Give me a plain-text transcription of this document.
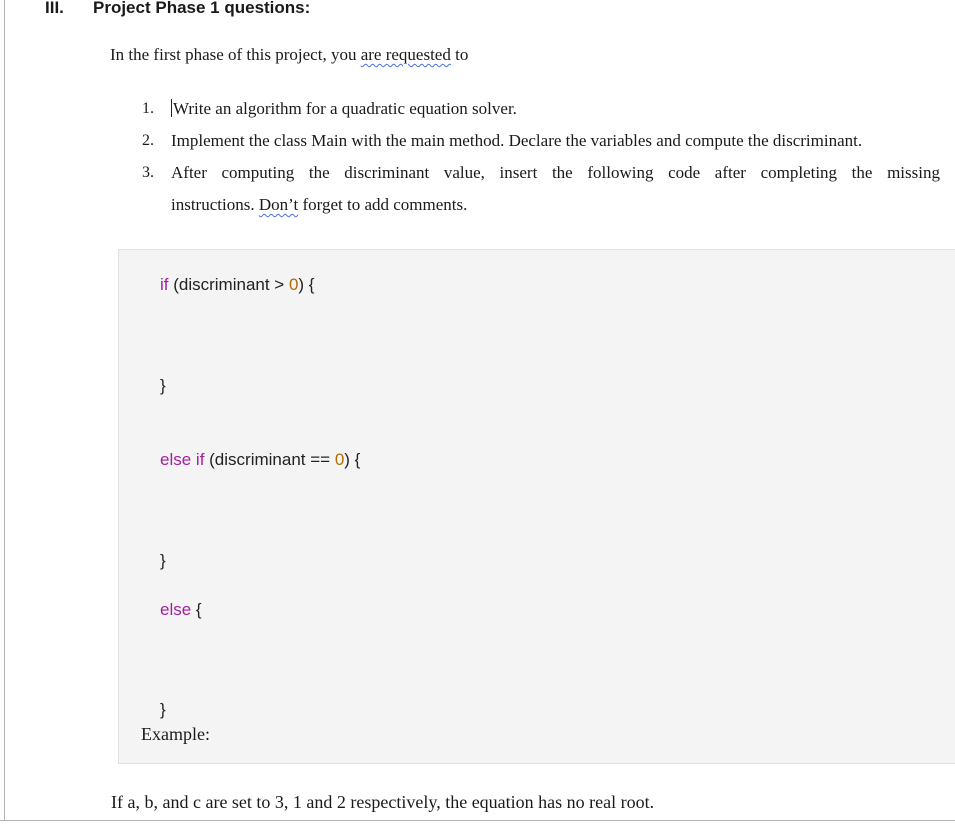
III. Project Phase 1 questions:
In the first phase of this project, you are requested to
1. Write an algorithm for a quadratic equation solver.
2. Implement the class Main with the main method. Declare the variables and compute the discriminant.
3. After computing the discriminant value, insert the following code after completing the missing
instructions. Don’t forget to add comments.
if (discriminant > 0) {
}
else if (discriminant == 0) {
}
else {
}
Example:
If a, b, and c are set to 3, 1 and 2 respectively, the equation has no real root.
